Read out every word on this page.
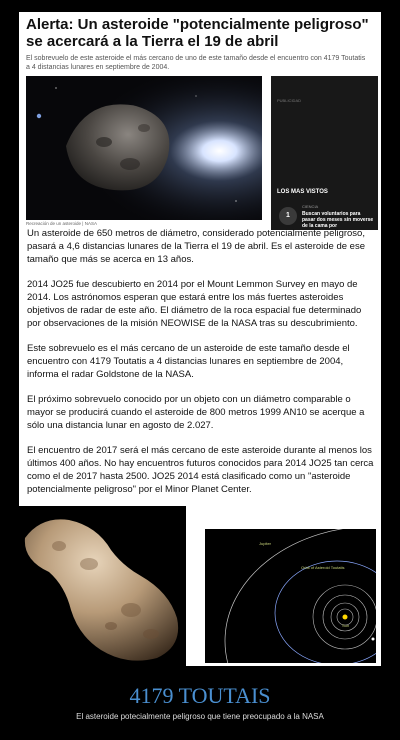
Alerta: Un asteroide "potencialmente peligroso" se acercará a la Tierra el 19 de abril
El sobrevuelo de este asteroide el más cercano de uno de este tamaño desde el encuentro con 4179 Toutatis a 4 distancias lunares en septiembre de 2004.
Recreación de un asteroide | NASA
PUBLICIDAD
LOS MAS VISTOS
1
CIENCIA
Buscan voluntarios para pasar dos meses sin moverse de la cama por

Un asteroide de 650 metros de diámetro, considerado potencialmente peligroso, pasará a 4,6 distancias lunares de la Tierra el 19 de abril. Es el asteroide de ese tamaño que más se acerca en 13 años.

2014 JO25 fue descubierto en 2014 por el Mount Lemmon Survey en mayo de 2014. Los astrónomos esperan que estará entre los más fuertes asteroides objetivos de radar de este año. El diámetro de la roca espacial fue determinado por observaciones de la misión NEOWISE de la NASA tras su descubrimiento.

Este sobrevuelo es el más cercano de un asteroide de este tamaño desde el encuentro con 4179 Toutatis a 4 distancias lunares en septiembre de 2004, informa el radar Goldstone de la NASA.

El próximo sobrevuelo conocido por un objeto con un diámetro comparable o mayor se producirá cuando el asteroide de 800 metros 1999 AN10 se acerque a sólo una distancia lunar en agosto de 2.027.

El encuentro de 2017 será el más cercano de este asteroide durante al menos los últimos 400 años. No hay encuentros futuros conocidos para 2014 JO25 tan cerca como el de 2017 hasta 2500. JO25 2014 está clasificado como un "asteroide potencialmente peligroso" por el Minor Planet Center.

Jupiter
Orbit of Asteroid Toutatis
Sun
4179 TOUTAIS
El asteroide potecialmente peligroso que tiene preocupado a la NASA
